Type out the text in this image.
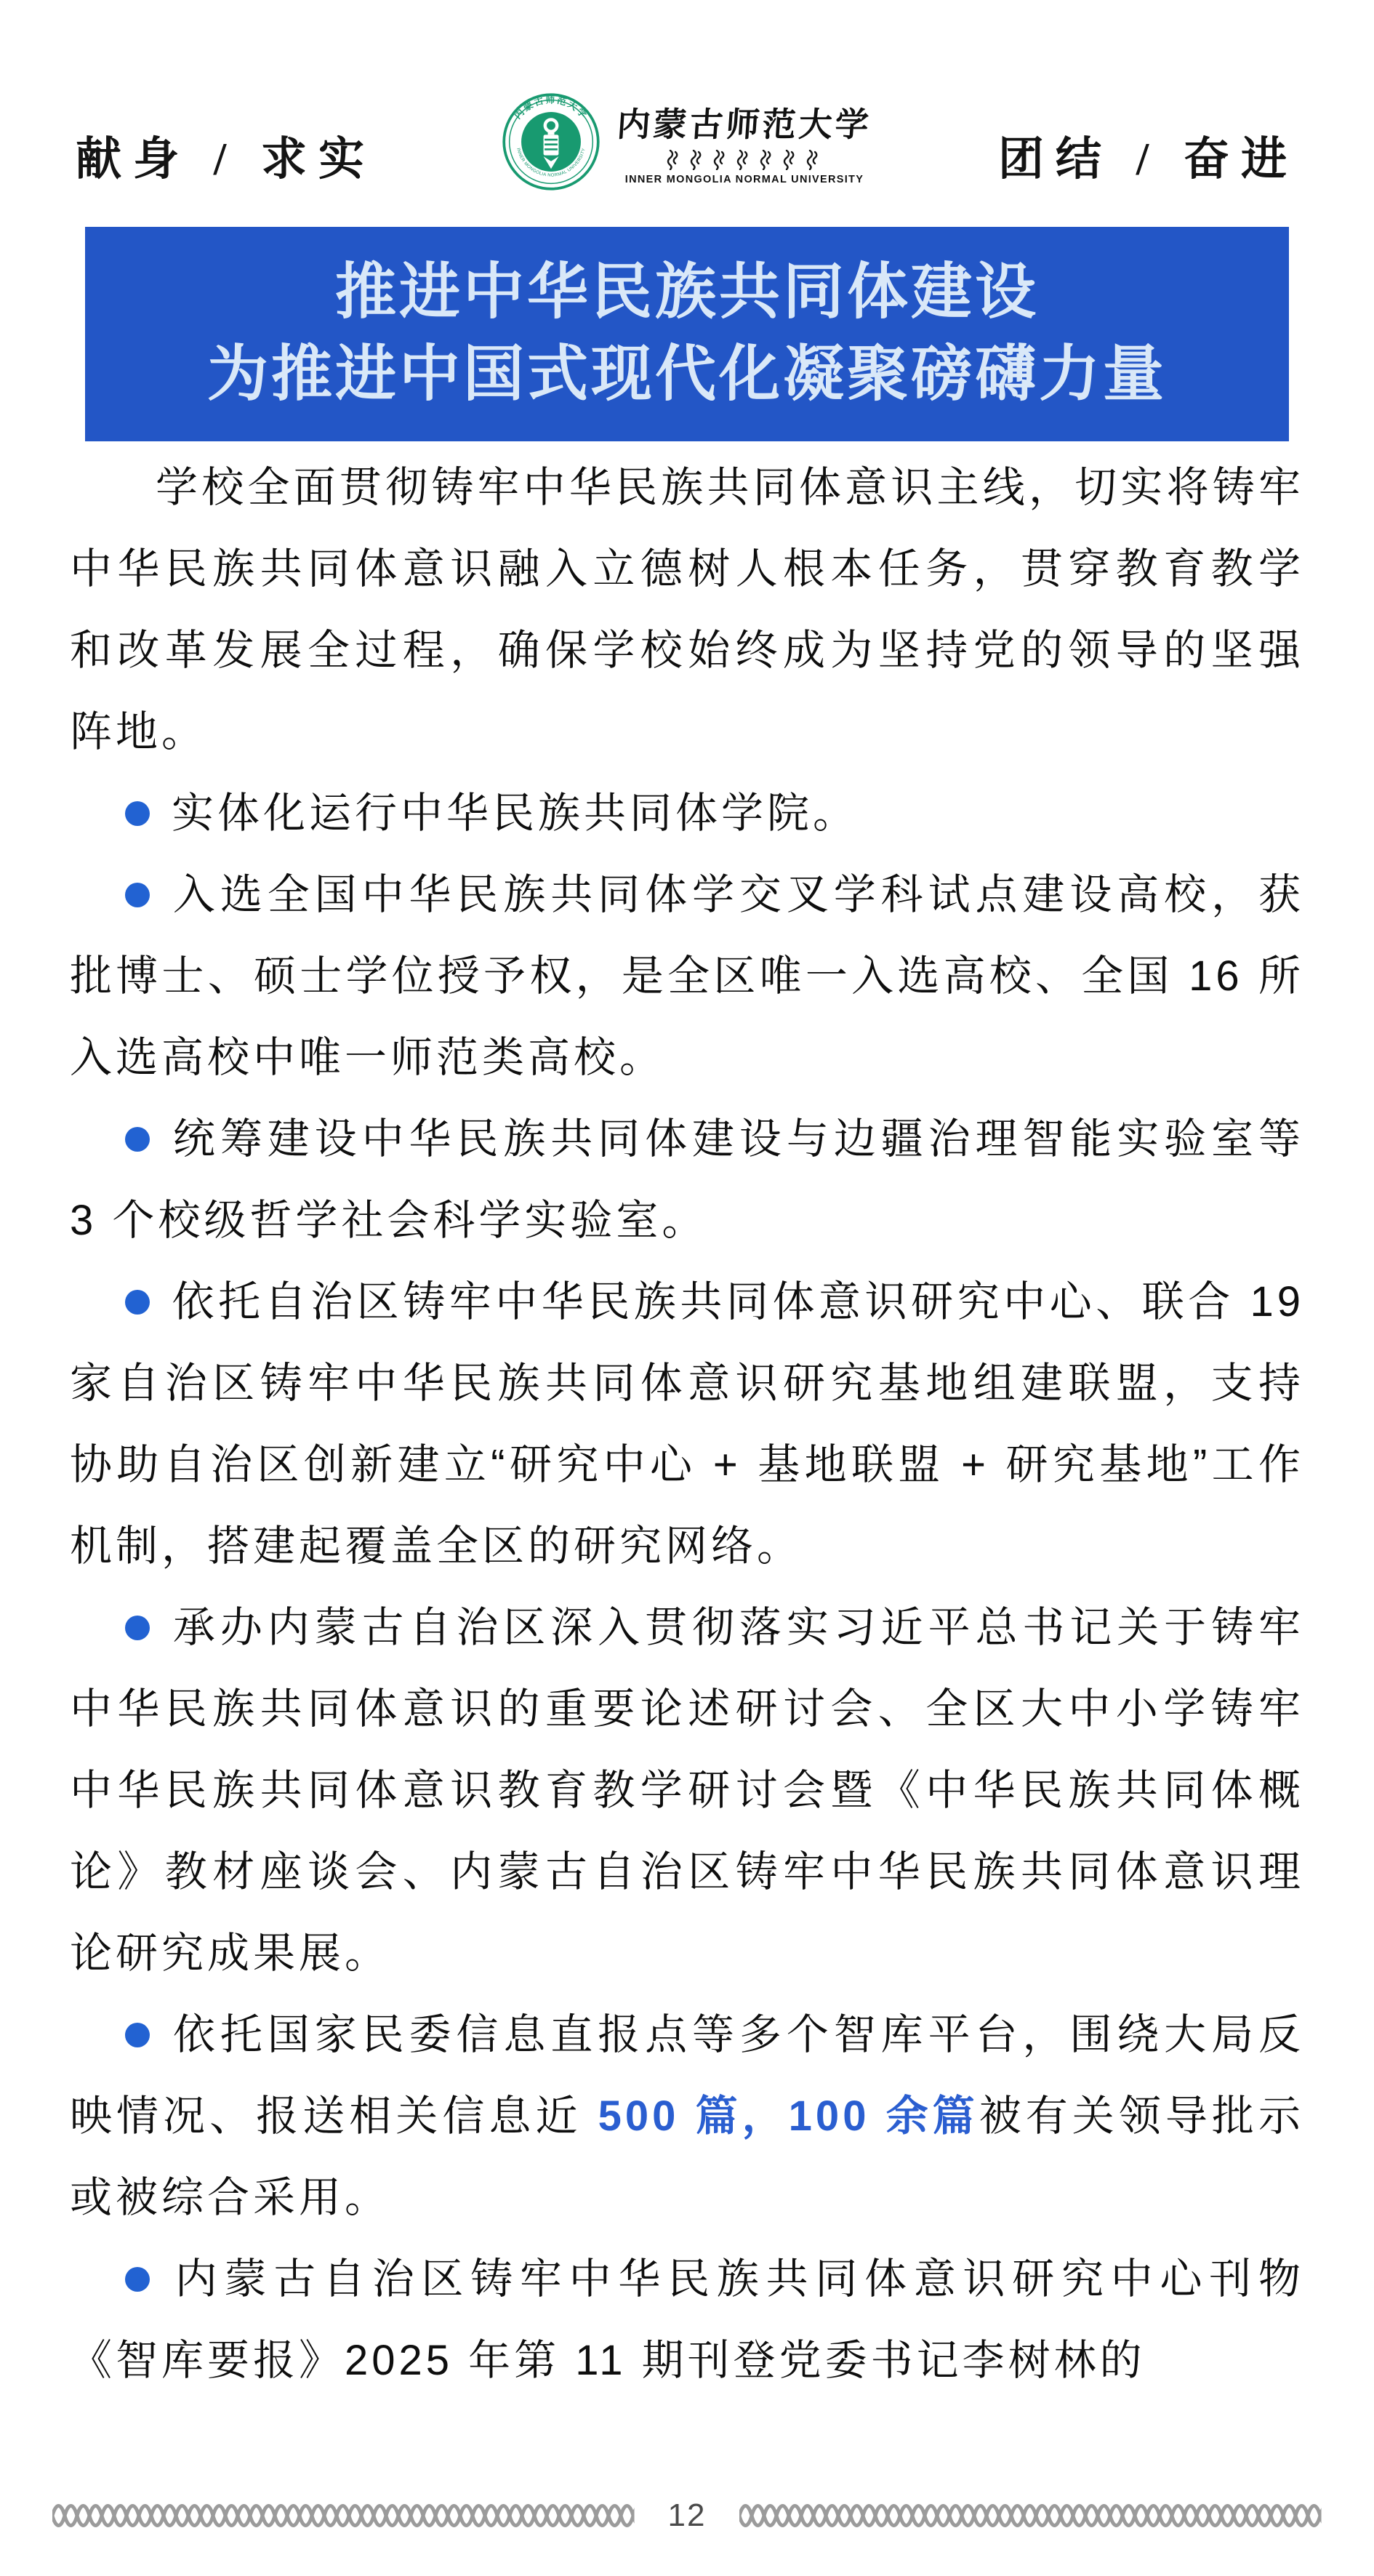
献身 / 求实
内蒙古师范大学
INNER MONGOLIA NORMAL UNIVERSITY
内蒙古师范大学
INNER MONGOLIA NORMAL UNIVERSITY	团结 / 奋进
推进中华民族共同体建设
为推进中国式现代化凝聚磅礴力量

学校全面贯彻铸牢中华民族共同体意识主线，切实将铸牢中华民族共同体意识融入立德树人根本任务，贯穿教育教学和改革发展全过程，确保学校始终成为坚持党的领导的坚强阵地。

实体化运行中华民族共同体学院。

入选全国中华民族共同体学交叉学科试点建设高校，获批博士、硕士学位授予权，是全区唯一入选高校、全国 16 所入选高校中唯一师范类高校。

统筹建设中华民族共同体建设与边疆治理智能实验室等 3 个校级哲学社会科学实验室。

依托自治区铸牢中华民族共同体意识研究中心、联合 19 家自治区铸牢中华民族共同体意识研究基地组建联盟，支持协助自治区创新建立“研究中心 + 基地联盟 + 研究基地”工作机制，搭建起覆盖全区的研究网络。

承办内蒙古自治区深入贯彻落实习近平总书记关于铸牢中华民族共同体意识的重要论述研讨会、全区大中小学铸牢中华民族共同体意识教育教学研讨会暨《中华民族共同体概论》教材座谈会、内蒙古自治区铸牢中华民族共同体意识理论研究成果展。

依托国家民委信息直报点等多个智库平台，围绕大局反映情况、报送相关信息近 500 篇，100 余篇被有关领导批示或被综合采用。

内蒙古自治区铸牢中华民族共同体意识研究中心刊物《智库要报》2025 年第 11 期刊登党委书记李树林的

12
